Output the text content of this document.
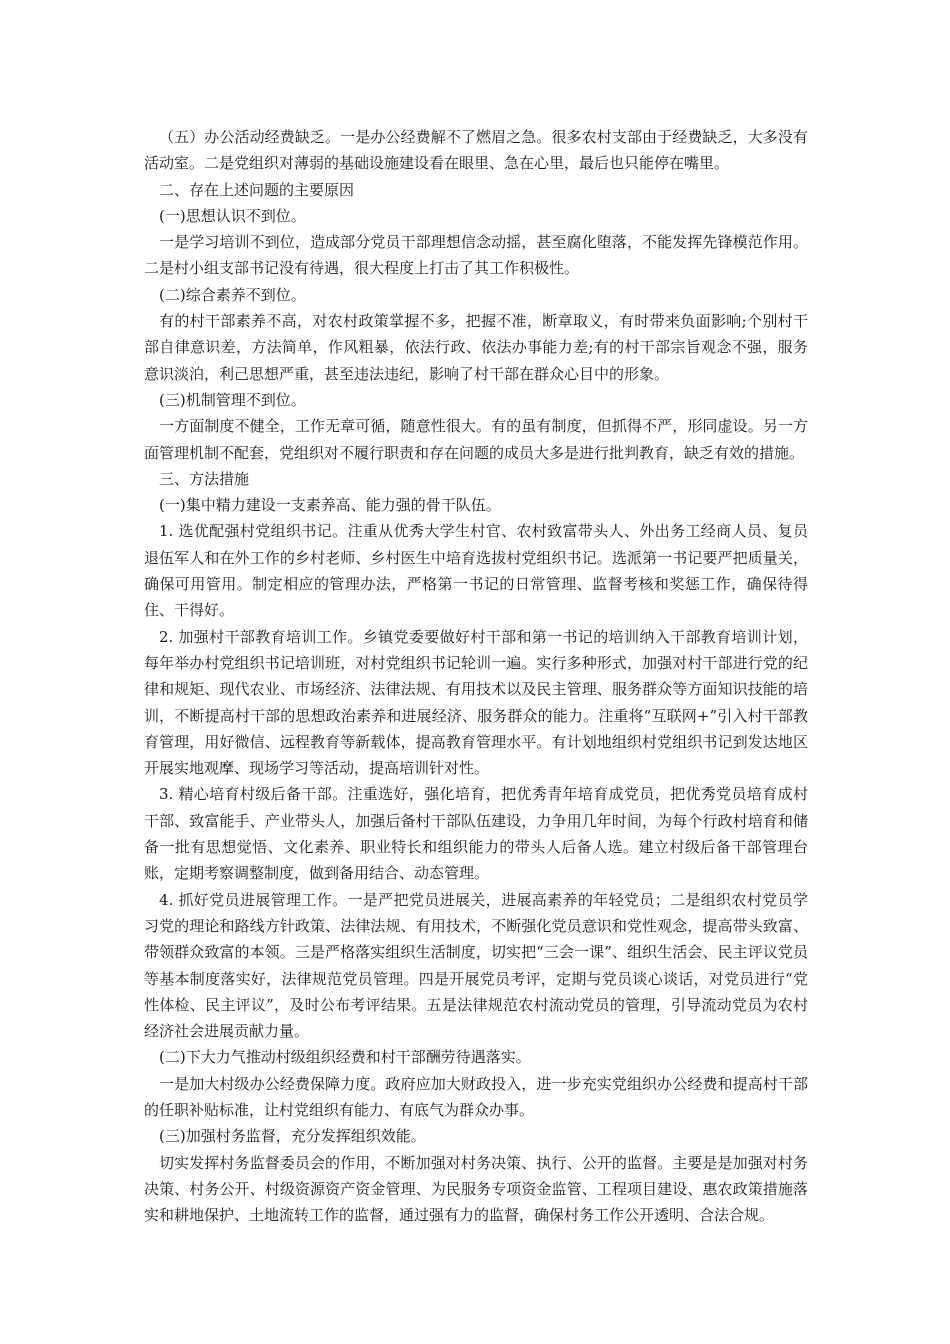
（五）办公活动经费缺乏。一是办公经费解不了燃眉之急。很多农村支部由于经费缺乏，大多没有活动室。二是党组织对薄弱的基础设施建设看在眼里、急在心里，最后也只能停在嘴里。

二、存在上述问题的主要原因

(一)思想认识不到位。

一是学习培训不到位，造成部分党员干部理想信念动摇，甚至腐化堕落，不能发挥先锋模范作用。二是村小组支部书记没有待遇，很大程度上打击了其工作积极性。

(二)综合素养不到位。

有的村干部素养不高，对农村政策掌握不多，把握不准，断章取义，有时带来负面影响;个别村干部自律意识差，方法简单，作风粗暴，依法行政、依法办事能力差;有的村干部宗旨观念不强，服务意识淡泊，利己思想严重，甚至违法违纪，影响了村干部在群众心目中的形象。

(三)机制管理不到位。

一方面制度不健全，工作无章可循，随意性很大。有的虽有制度，但抓得不严，形同虚设。另一方面管理机制不配套，党组织对不履行职责和存在问题的成员大多是进行批判教育，缺乏有效的措施。

三、方法措施

(一)集中精力建设一支素养高、能力强的骨干队伍。

1. 选优配强村党组织书记。注重从优秀大学生村官、农村致富带头人、外出务工经商人员、复员退伍军人和在外工作的乡村老师、乡村医生中培育选拔村党组织书记。选派第一书记要严把质量关，确保可用管用。制定相应的管理办法，严格第一书记的日常管理、监督考核和奖惩工作，确保待得住、干得好。

2. 加强村干部教育培训工作。乡镇党委要做好村干部和第一书记的培训纳入干部教育培训计划，每年举办村党组织书记培训班，对村党组织书记轮训一遍。实行多种形式，加强对村干部进行党的纪律和规矩、现代农业、市场经济、法律法规、有用技术以及民主管理、服务群众等方面知识技能的培训，不断提高村干部的思想政治素养和进展经济、服务群众的能力。注重将“互联网+”引入村干部教育管理，用好微信、远程教育等新载体，提高教育管理水平。有计划地组织村党组织书记到发达地区开展实地观摩、现场学习等活动，提高培训针对性。

3. 精心培育村级后备干部。注重选好，强化培育，把优秀青年培育成党员，把优秀党员培育成村干部、致富能手、产业带头人，加强后备村干部队伍建设，力争用几年时间，为每个行政村培育和储备一批有思想觉悟、文化素养、职业特长和组织能力的带头人后备人选。建立村级后备干部管理台账，定期考察调整制度，做到备用结合、动态管理。

4. 抓好党员进展管理工作。一是严把党员进展关，进展高素养的年轻党员；二是组织农村党员学习党的理论和路线方针政策、法律法规、有用技术，不断强化党员意识和党性观念，提高带头致富、带领群众致富的本领。三是严格落实组织生活制度，切实把“三会一课”、组织生活会、民主评议党员等基本制度落实好，法律规范党员管理。四是开展党员考评，定期与党员谈心谈话，对党员进行“党性体检、民主评议”，及时公布考评结果。五是法律规范农村流动党员的管理，引导流动党员为农村经济社会进展贡献力量。

(二)下大力气推动村级组织经费和村干部酬劳待遇落实。

一是加大村级办公经费保障力度。政府应加大财政投入，进一步充实党组织办公经费和提高村干部的任职补贴标准，让村党组织有能力、有底气为群众办事。

(三)加强村务监督，充分发挥组织效能。

切实发挥村务监督委员会的作用，不断加强对村务决策、执行、公开的监督。主要是是加强对村务决策、村务公开、村级资源资产资金管理、为民服务专项资金监管、工程项目建设、惠农政策措施落实和耕地保护、土地流转工作的监督，通过强有力的监督，确保村务工作公开透明、合法合规。
